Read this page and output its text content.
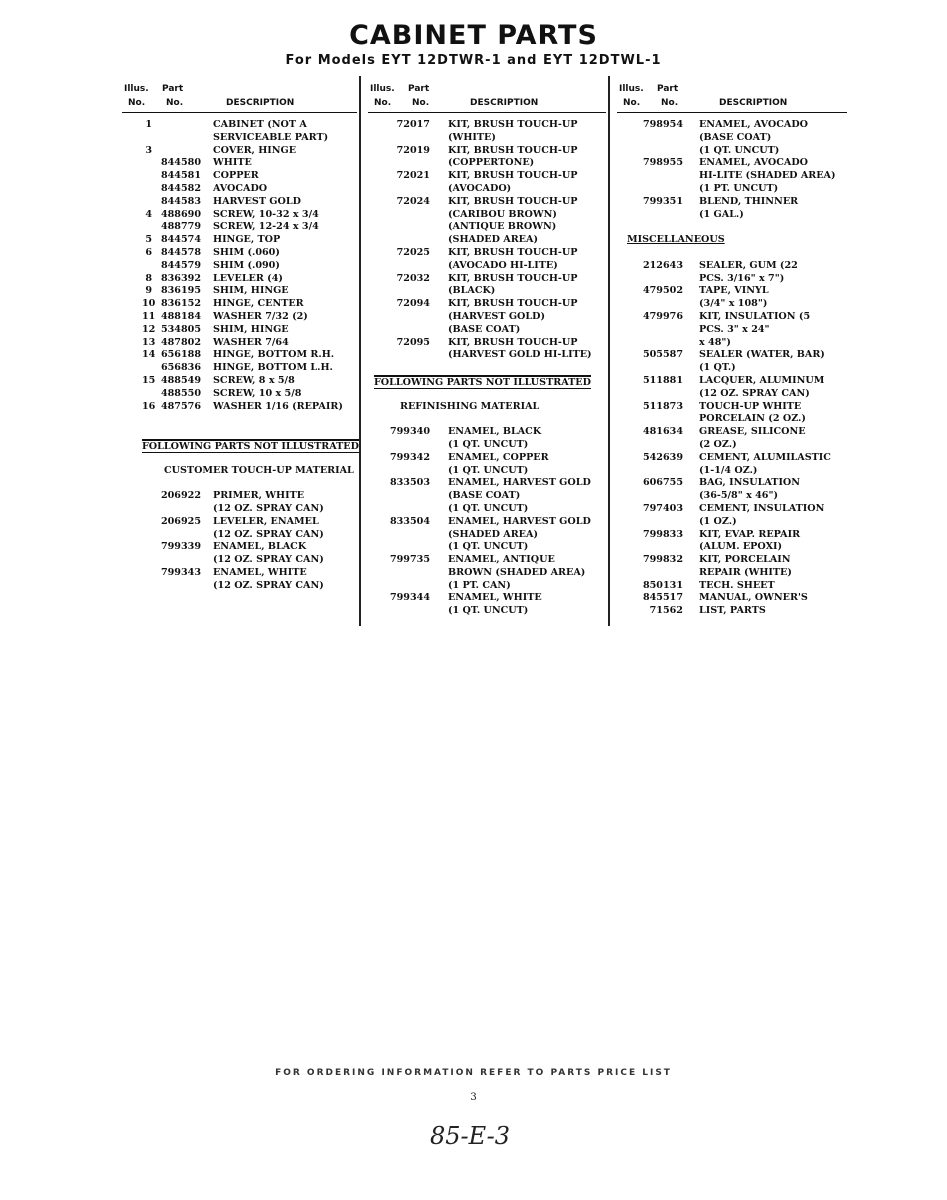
CABINET PARTS
For Models EYT 12DTWR-1 and EYT 12DTWL-1
Illus. Part
No. No.	DESCRIPTION
1	CABINET (NOT A
SERVICEABLE PART)
3	COVER, HINGE
844580 WHITE
844581 COPPER
844582 AVOCADO
844583 HARVEST GOLD
4 488690 SCREW, 10-32 x 3/4
488779 SCREW, 12-24 x 3/4
5 844574 HINGE, TOP
6 844578 SHIM (.060)
844579 SHIM (.090)
8 836392 LEVELER (4)
9 836195 SHIM, HINGE
10 836152 HINGE, CENTER
11 488184 WASHER 7/32 (2)
12 534805 SHIM, HINGE
13 487802 WASHER 7/64
14 656188 HINGE, BOTTOM R.H.
656836 HINGE, BOTTOM L.H.
15 488549 SCREW, 8 x 5/8
488550 SCREW, 10 x 5/8
16 487576 WASHER 1/16 (REPAIR)
FOLLOWING PARTS NOT ILLUSTRATED
CUSTOMER TOUCH-UP MATERIAL
206922 PRIMER, WHITE
(12 OZ. SPRAY CAN)
206925 LEVELER, ENAMEL
(12 OZ. SPRAY CAN)
799339 ENAMEL, BLACK
(12 OZ. SPRAY CAN)
799343 ENAMEL, WHITE
(12 OZ. SPRAY CAN)
Illus. Part
No. No.	DESCRIPTION
72017 KIT, BRUSH TOUCH-UP
(WHITE)
72019 KIT, BRUSH TOUCH-UP
(COPPERTONE)
72021 KIT, BRUSH TOUCH-UP
(AVOCADO)
72024 KIT, BRUSH TOUCH-UP
(CARIBOU BROWN)
(ANTIQUE BROWN)
(SHADED AREA)
72025 KIT, BRUSH TOUCH-UP
(AVOCADO HI-LITE)
72032 KIT, BRUSH TOUCH-UP
(BLACK)
72094 KIT, BRUSH TOUCH-UP
(HARVEST GOLD)
(BASE COAT)
72095 KIT, BRUSH TOUCH-UP
(HARVEST GOLD HI-LITE)
FOLLOWING PARTS NOT ILLUSTRATED
REFINISHING MATERIAL
799340 ENAMEL, BLACK
(1 QT. UNCUT)
799342 ENAMEL, COPPER
(1 QT. UNCUT)
833503 ENAMEL, HARVEST GOLD
(BASE COAT)
(1 QT. UNCUT)
833504 ENAMEL, HARVEST GOLD
(SHADED AREA)
(1 QT. UNCUT)
799735 ENAMEL, ANTIQUE
BROWN (SHADED AREA)
(1 PT. CAN)
799344 ENAMEL, WHITE
(1 QT. UNCUT)
Illus. Part
No. No.	DESCRIPTION
798954 ENAMEL, AVOCADO
(BASE COAT)
(1 QT. UNCUT)
798955 ENAMEL, AVOCADO
HI-LITE (SHADED AREA)
(1 PT. UNCUT)
799351 BLEND, THINNER
(1 GAL.)
MISCELLANEOUS
212643 SEALER, GUM (22
PCS. 3/16" x 7")
479502 TAPE, VINYL
(3/4" x 108")
479976 KIT, INSULATION (5
PCS. 3" x 24"
x 48")
505587 SEALER (WATER, BAR)
(1 QT.)
511881 LACQUER, ALUMINUM
(12 OZ. SPRAY CAN)
511873 TOUCH-UP WHITE
PORCELAIN (2 OZ.)
481634 GREASE, SILICONE
(2 OZ.)
542639 CEMENT, ALUMILASTIC
(1-1/4 OZ.)
606755 BAG, INSULATION
(36-5/8" x 46")
797403 CEMENT, INSULATION
(1 OZ.)
799833 KIT, EVAP. REPAIR
(ALUM. EPOXI)
799832 KIT, PORCELAIN
REPAIR (WHITE)
850131 TECH. SHEET
845517 MANUAL, OWNER'S
71562 LIST, PARTS
FOR ORDERING INFORMATION REFER TO PARTS PRICE LIST
3
85-E-3
